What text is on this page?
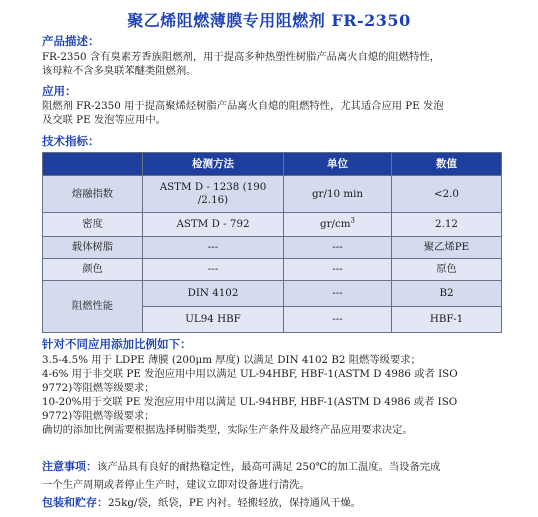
聚乙烯阻燃薄膜专用阻燃剂 FR-2350
产品描述：
FR-2350 含有臭素芳香族阻燃剂，用于提高多种热塑性树脂产品离火自熄的阻燃特性，
该母粒不含多臭联苯醚类阻燃剂。
应用：
阻燃剂 FR-2350 用于提高聚烯烃树脂产品离火自熄的阻燃特性，尤其适合应用 PE 发泡
及交联 PE 发泡等应用中。
技术指标：
	检测方法	单位	数值
熔融指数	ASTM D - 1238 (190 /2.16)	gr/10 min	<2.0
密度	ASTM D - 792	$gr/cm^3$	2.12
载体树脂	---	---	聚乙烯PE
颜色	---	---	原色
阻燃性能	DIN 4102	---	B2
	UL94 HBF	---	HBF-1
针对不同应用添加比例如下：
3.5-4.5% 用于 LDPE 薄膜 (200μm 厚度) 以满足 DIN 4102 B2 阻燃等级要求；
4-6% 用于非交联 PE 发泡应用中用以满足 UL-94HBF, HBF-1(ASTM D 4986 或者 ISO
9772)等阻燃等级要求；
10-20%用于交联 PE 发泡应用中用以满足 UL-94HBF, HBF-1(ASTM D 4986 或者 ISO
9772)等阻燃等级要求；
确切的添加比例需要根据选择树脂类型，实际生产条件及最终产品应用要求决定。
注意事项：该产品具有良好的耐热稳定性，最高可满足 250℃的加工温度。当设备完成
一个生产周期或者停止生产时，建议立即对设备进行清洗。
包装和贮存：25kg/袋，纸袋，PE 内衬。轻搬轻放，保持通风干燥。
